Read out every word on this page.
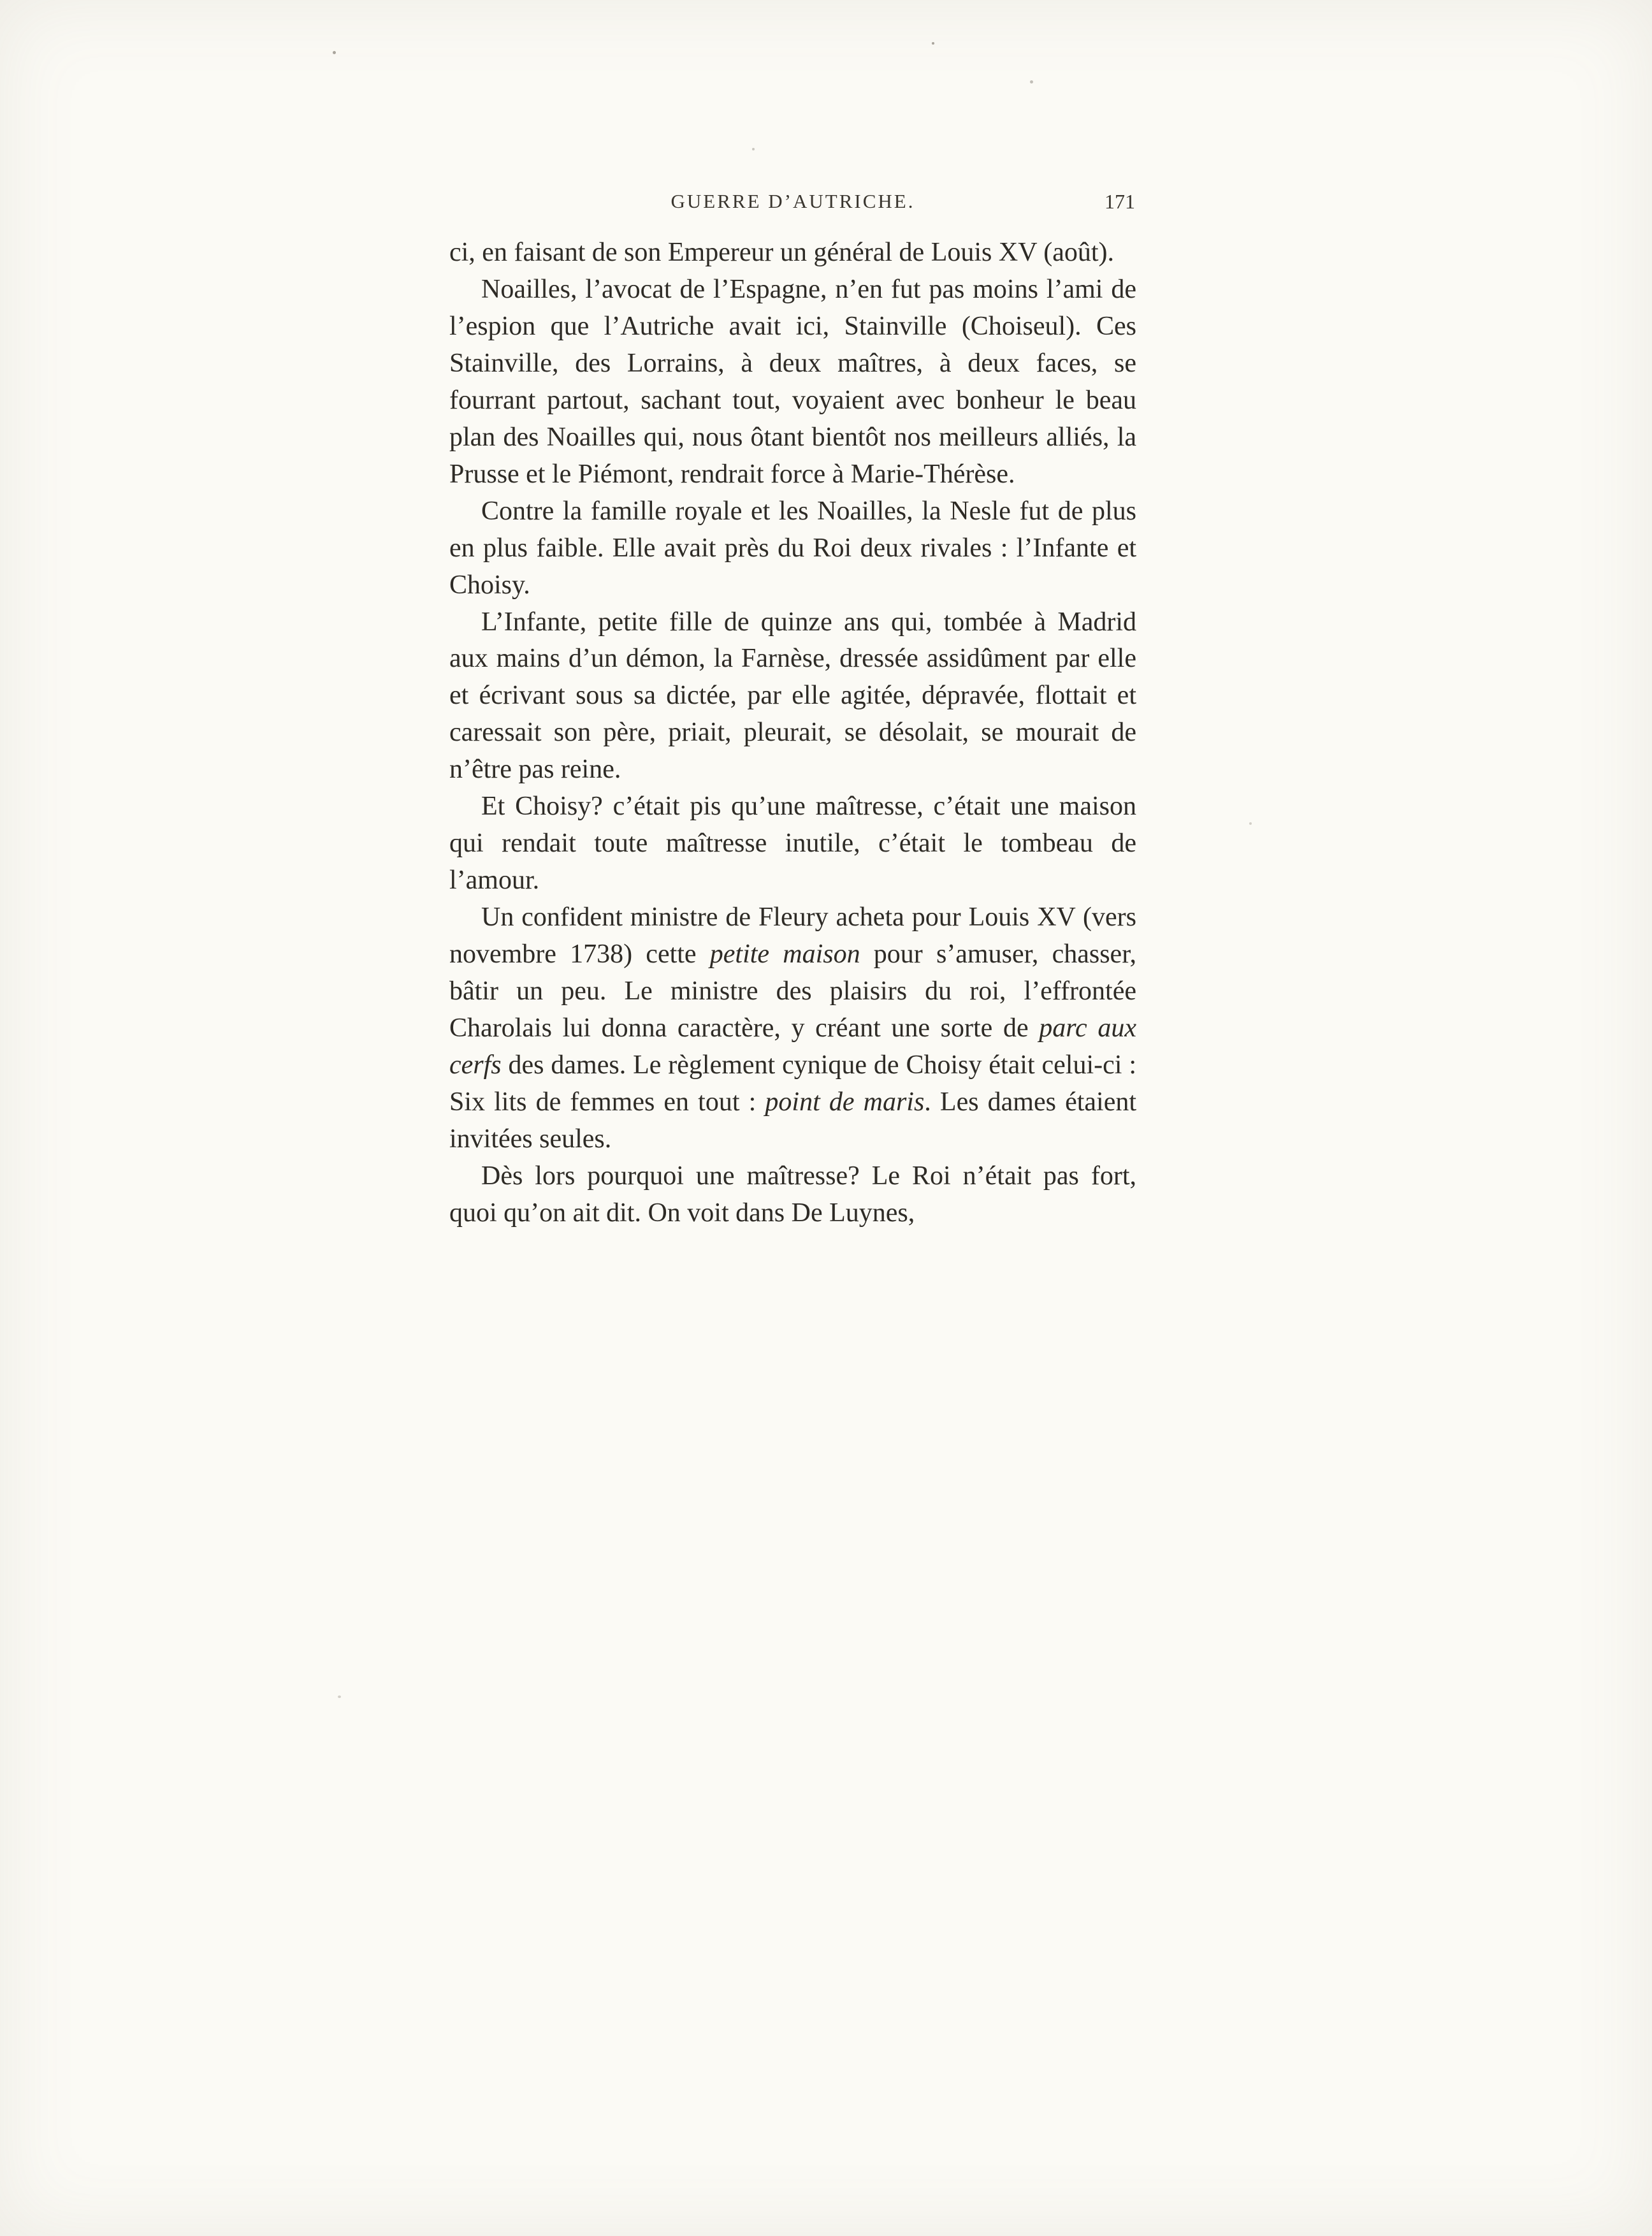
GUERRE D’AUTRICHE.	171

ci, en faisant de son Empereur un général de Louis XV (août).

Noailles, l’avocat de l’Espagne, n’en fut pas moins l’ami de l’espion que l’Autriche avait ici, Stainville (Choiseul). Ces Stainville, des Lorrains, à deux maîtres, à deux faces, se fourrant partout, sachant tout, voyaient avec bonheur le beau plan des Noailles qui, nous ôtant bientôt nos meilleurs alliés, la Prusse et le Piémont, rendrait force à Marie-Thérèse.

Contre la famille royale et les Noailles, la Nesle fut de plus en plus faible. Elle avait près du Roi deux rivales : l’Infante et Choisy.

L’Infante, petite fille de quinze ans qui, tombée à Madrid aux mains d’un démon, la Farnèse, dressée assidûment par elle et écrivant sous sa dictée, par elle agitée, dépravée, flottait et caressait son père, priait, pleurait, se désolait, se mourait de n’être pas reine.

Et Choisy? c’était pis qu’une maîtresse, c’était une maison qui rendait toute maîtresse inutile, c’était le tombeau de l’amour.

Un confident ministre de Fleury acheta pour Louis XV (vers novembre 1738) cette petite maison pour s’amuser, chasser, bâtir un peu. Le ministre des plaisirs du roi, l’effrontée Charolais lui donna caractère, y créant une sorte de parc aux cerfs des dames. Le règlement cynique de Choisy était celui-ci : Six lits de femmes en tout : point de maris. Les dames étaient invitées seules.

Dès lors pourquoi une maîtresse? Le Roi n’était pas fort, quoi qu’on ait dit. On voit dans De Luynes,
